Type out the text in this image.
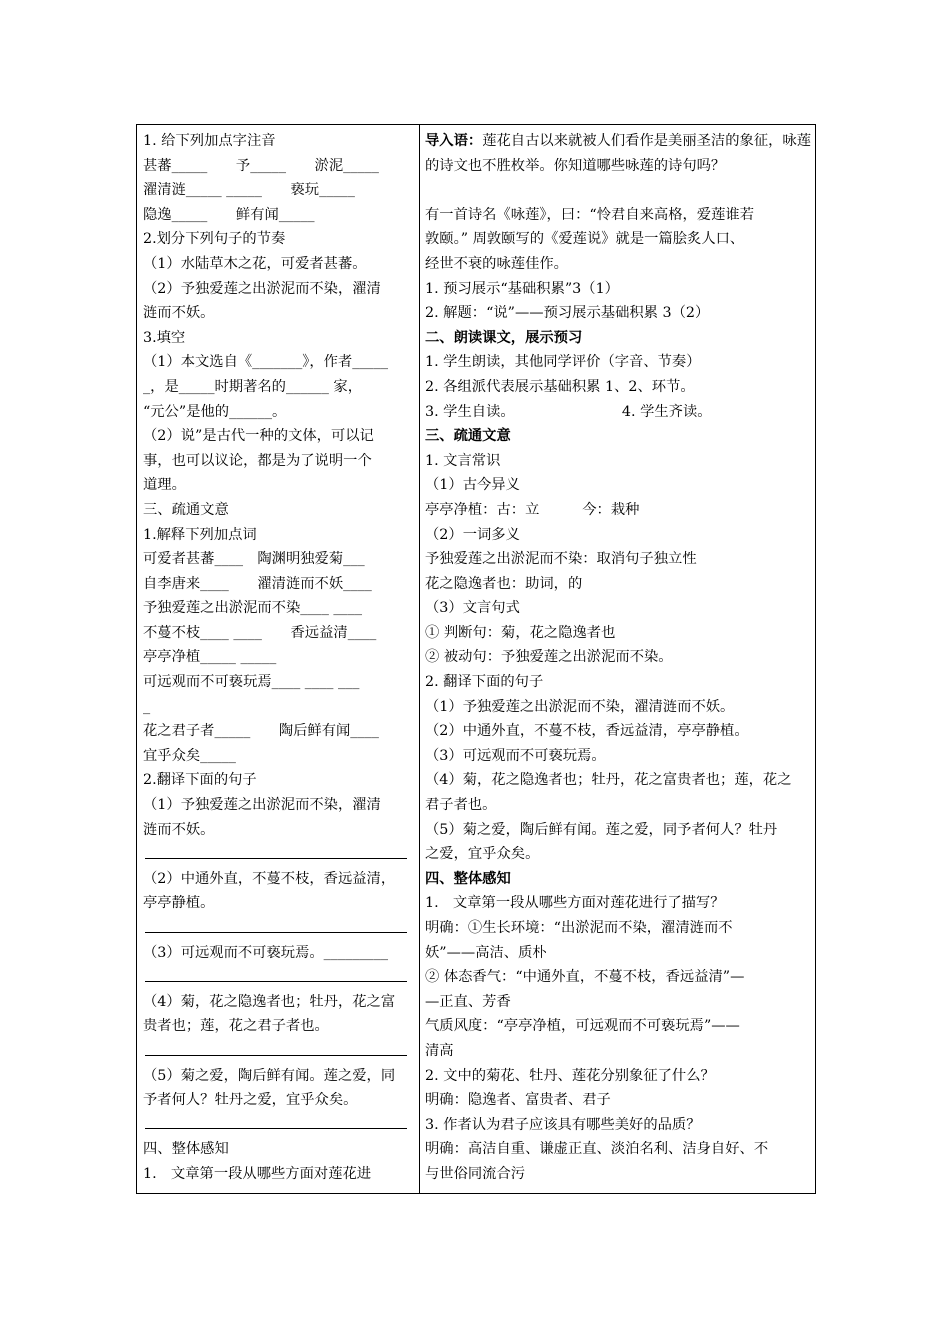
1. 给下列加点字注音
甚蕃_____　　予_____　　淤泥_____
濯清涟_____ _____　　亵玩_____
隐逸_____　　鲜有闻_____
2.划分下列句子的节奏
（1）水陆草木之花，可爱者甚蕃。
（2）予独爱莲之出淤泥而不染，濯清
涟而不妖。
3.填空
（1）本文选自《_______》，作者_____
_，是_____时期著名的______ 家，
“元公”是他的______。
（2）说”是古代一种的文体，可以记
事，也可以议论，都是为了说明一个
道理。
三、疏通文意
1.解释下列加点词
可爱者甚蕃____　陶渊明独爱菊___
自李唐来____　　濯清涟而不妖____
予独爱莲之出淤泥而不染____ ____
不蔓不枝____ ____　　香远益清____
亭亭净植_____ _____
可远观而不可亵玩焉____ ____ ___
_
花之君子者_____　　陶后鲜有闻____
宜乎众矣_____
2.翻译下面的句子
（1）予独爱莲之出淤泥而不染，濯清
涟而不妖。
（2）中通外直，不蔓不枝，香远益清，
亭亭静植。
（3）可远观而不可亵玩焉。_________
（4）菊，花之隐逸者也；牡丹，花之富
贵者也；莲，花之君子者也。
（5）菊之爱，陶后鲜有闻。莲之爱，同
予者何人？牡丹之爱，宜乎众矣。
四、整体感知
1.　文章第一段从哪些方面对莲花进
导入语：莲花自古以来就被人们看作是美丽圣洁的象征，咏莲的诗文也不胜枚举。你知道哪些咏莲的诗句吗？
有一首诗名《咏莲》，曰：“怜君自来高格，爱莲谁若
敦颐。” 周敦颐写的《爱莲说》就是一篇脍炙人口、
经世不衰的咏莲佳作。
1. 预习展示“基础积累”3（1）
2. 解题：“说”——预习展示基础积累 3（2）
二、朗读课文，展示预习
1. 学生朗读，其他同学评价（字音、节奏）
2. 各组派代表展示基础积累 1、2、环节。
3. 学生自读。　　　　　　　　4. 学生齐读。
三、疏通文意
1. 文言常识
（1）古今异义
亭亭净植：古：立　　　今：栽种
（2）一词多义
予独爱莲之出淤泥而不染：取消句子独立性
花之隐逸者也：助词，的
（3）文言句式
① 判断句：菊，花之隐逸者也
② 被动句：予独爱莲之出淤泥而不染。
2. 翻译下面的句子
（1）予独爱莲之出淤泥而不染，濯清涟而不妖。
（2）中通外直，不蔓不枝，香远益清，亭亭静植。
（3）可远观而不可亵玩焉。
（4）菊，花之隐逸者也；牡丹，花之富贵者也；莲，花之
君子者也。
（5）菊之爱，陶后鲜有闻。莲之爱，同予者何人？牡丹
之爱，宜乎众矣。
四、整体感知
1.　文章第一段从哪些方面对莲花进行了描写？
明确：①生长环境：“出淤泥而不染，濯清涟而不
妖”——高洁、质朴
② 体态香气：“中通外直，不蔓不枝，香远益清”—
—正直、芳香
气质风度：“亭亭净植，可远观而不可亵玩焉”——
清高
2. 文中的菊花、牡丹、莲花分别象征了什么？
明确：隐逸者、富贵者、君子
3. 作者认为君子应该具有哪些美好的品质？
明确：高洁自重、谦虚正直、淡泊名利、洁身自好、不
与世俗同流合污
